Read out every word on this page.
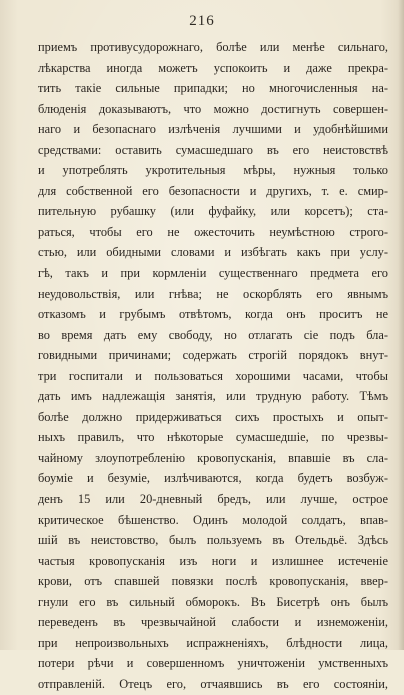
216
приемъ противусудорожнаго, болѣе или менѣе сильнаго,
лѣкарства иногда можетъ успокоить и даже прекра-
тить такіе сильные припадки; но многочисленныя на-
блюденія доказываютъ, что можно достигнуть совершен-
наго и безопаснаго излѣченія лучшими и удобнѣйшими
средствами: оставить сумасшедшаго въ его неистовствѣ
и употреблять укротительныя мѣры, нужныя только
для собственной его безопасности и другихъ, т. е. смир-
пительную рубашку (или фуфайку, или корсетъ); ста-
раться, чтобы его не ожесточить неумѣстною строго-
стью, или обидными словами и избѣгать какъ при услу-
гѣ, такъ и при кормленіи существеннаго предмета его
неудовольствія, или гнѣва; не оскорблять его явнымъ
отказомъ и грубымъ отвѣтомъ, когда онъ проситъ не
во время дать ему свободу, но отлагать сіе подъ бла-
говидными причинами; содержать строгій порядокъ внут-
три госпитали и пользоваться хорошими часами, чтобы
дать имъ надлежащія занятія, или трудную работу. Тѣмъ
болѣе должно придерживаться сихъ простыхъ и опыт-
ныхъ правилъ, что нѣкоторые сумасшедшіе, по чрезвы-
чайному злоупотребленію кровопусканія, впавшіе въ сла-
боумie и безумie, излѣчиваются, когда будетъ возбуж-
денъ 15 или 20-дневный бредъ, или лучше, острое
критическое бѣшенство. Одинъ молодой солдатъ, впав-
шій въ неистовство, былъ пользуемъ въ Отельдьё. Здѣсь
частыя кровопусканія изъ ноги и излишнее истеченіе
крови, отъ спавшей повязки послѣ кровопусканія, ввер-
гнули его въ сильный обморокъ. Въ Бисетрѣ онъ былъ
переведенъ въ чрезвычайной слабости и изнеможеніи,
при непроизвольныхъ испражненіяхъ, блѣдности лица,
потери рѣчи и совершенномъ уничтоженіи умственныхъ
отправленій. Отецъ его, отчаявшись въ его состояніи,
